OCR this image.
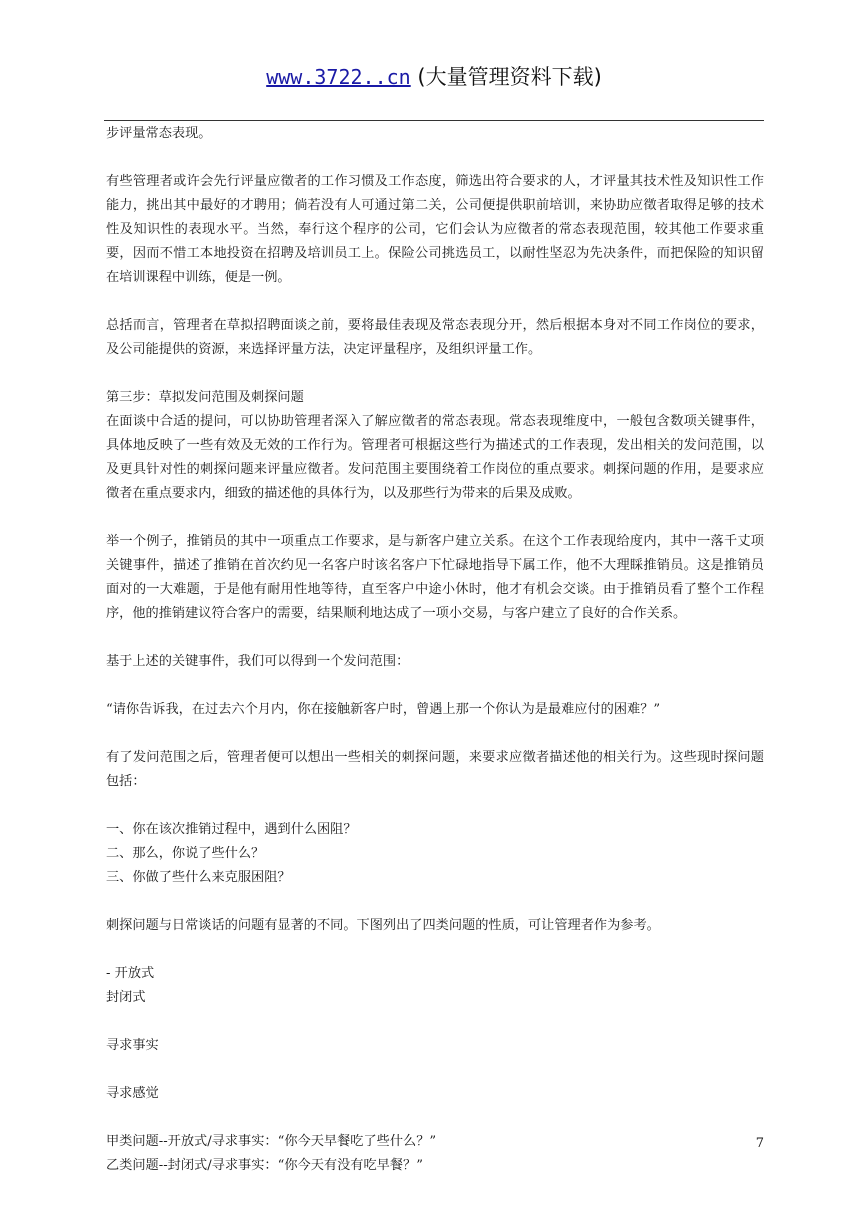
www.3722..cn (大量管理资料下载)

步评量常态表现。

有些管理者或许会先行评量应徵者的工作习惯及工作态度，筛选出符合要求的人，才评量其技术性及知识性工作能力，挑出其中最好的才聘用；倘若没有人可通过第二关，公司便提供职前培训，来协助应徵者取得足够的技术性及知识性的表现水平。当然，奉行这个程序的公司，它们会认为应徵者的常态表现范围，较其他工作要求重要，因而不惜工本地投资在招聘及培训员工上。保险公司挑选员工，以耐性坚忍为先决条件，而把保险的知识留在培训课程中训练，便是一例。

总括而言，管理者在草拟招聘面谈之前，要将最佳表现及常态表现分开，然后根据本身对不同工作岗位的要求，及公司能提供的资源，来选择评量方法，决定评量程序，及组织评量工作。

第三步：草拟发问范围及刺探问题

在面谈中合适的提问，可以协助管理者深入了解应徵者的常态表现。常态表现维度中，一般包含数项关键事件，具体地反映了一些有效及无效的工作行为。管理者可根据这些行为描述式的工作表现，发出相关的发问范围，以及更具针对性的刺探问题来评量应徵者。发问范围主要围绕着工作岗位的重点要求。刺探问题的作用，是要求应徵者在重点要求内，细致的描述他的具体行为，以及那些行为带来的后果及成败。

举一个例子，推销员的其中一项重点工作要求，是与新客户建立关系。在这个工作表现给度内，其中一落千丈项关键事件，描述了推销在首次约见一名客户时该名客户下忙碌地指导下属工作，他不大理睬推销员。这是推销员面对的一大难题，于是他有耐用性地等待，直至客户中途小休时，他才有机会交谈。由于推销员看了整个工作程序，他的推销建议符合客户的需要，结果顺利地达成了一项小交易，与客户建立了良好的合作关系。

基于上述的关键事件，我们可以得到一个发问范围：

“请你告诉我，在过去六个月内，你在接触新客户时，曾遇上那一个你认为是最难应付的困难？”

有了发问范围之后，管理者便可以想出一些相关的刺探问题，来要求应徵者描述他的相关行为。这些现时探问题包括：

一、你在该次推销过程中，遇到什么困阻？

二、那么，你说了些什么？

三、你做了些什么来克服困阻？

刺探问题与日常谈话的问题有显著的不同。下图列出了四类问题的性质，可让管理者作为参考。

- 开放式

封闭式

寻求事实

寻求感觉

甲类问题--开放式/寻求事实：“你今天早餐吃了些什么？”

乙类问题--封闭式/寻求事实：“你今天有没有吃早餐？”

7
